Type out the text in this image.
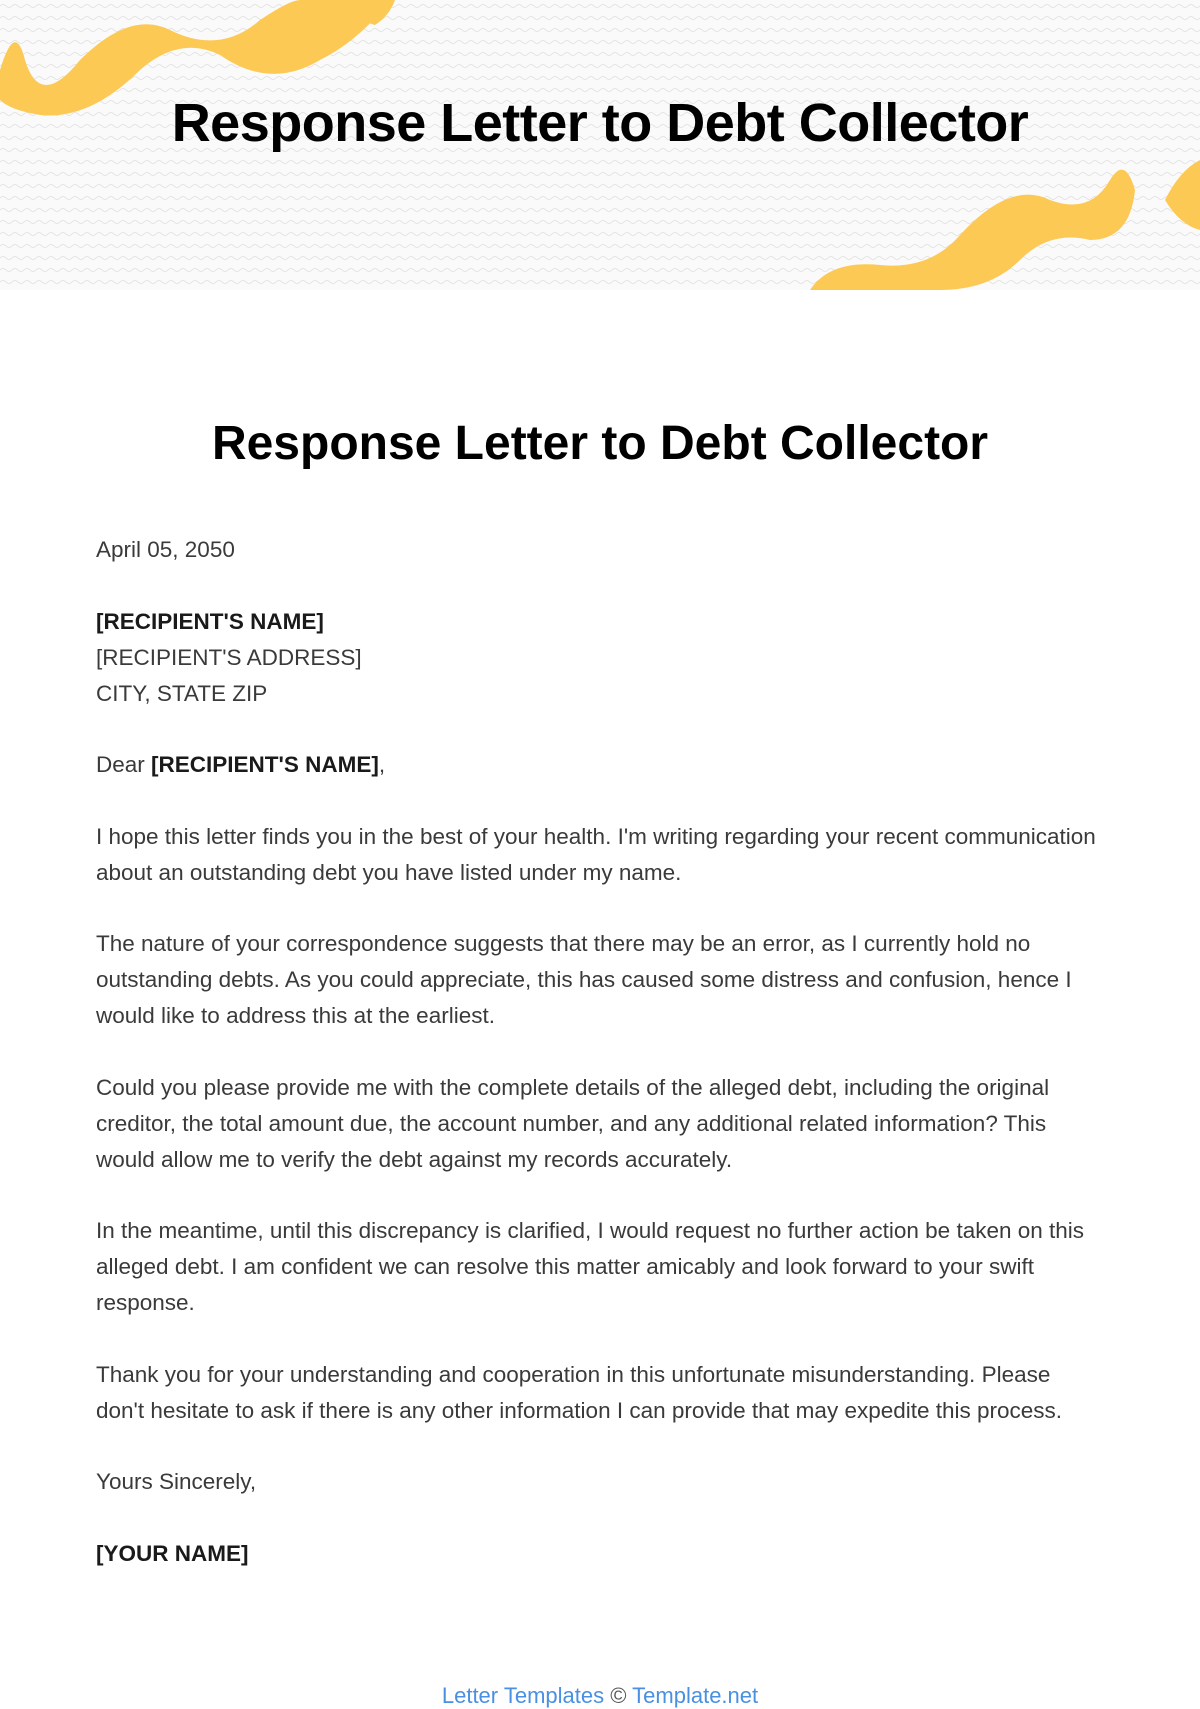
Response Letter to Debt Collector
Response Letter to Debt Collector

April 05, 2050

[RECIPIENT'S NAME]
[RECIPIENT'S ADDRESS]
CITY, STATE ZIP

Dear [RECIPIENT'S NAME],

I hope this letter finds you in the best of your health. I'm writing regarding your recent communication about an outstanding debt you have listed under my name.

The nature of your correspondence suggests that there may be an error, as I currently hold no outstanding debts. As you could appreciate, this has caused some distress and confusion, hence I would like to address this at the earliest.

Could you please provide me with the complete details of the alleged debt, including the original creditor, the total amount due, the account number, and any additional related information? This would allow me to verify the debt against my records accurately.

In the meantime, until this discrepancy is clarified, I would request no further action be taken on this alleged debt. I am confident we can resolve this matter amicably and look forward to your swift response.

Thank you for your understanding and cooperation in this unfortunate misunderstanding. Please don't hesitate to ask if there is any other information I can provide that may expedite this process.

Yours Sincerely,

[YOUR NAME]

Letter Templates © Template.net
